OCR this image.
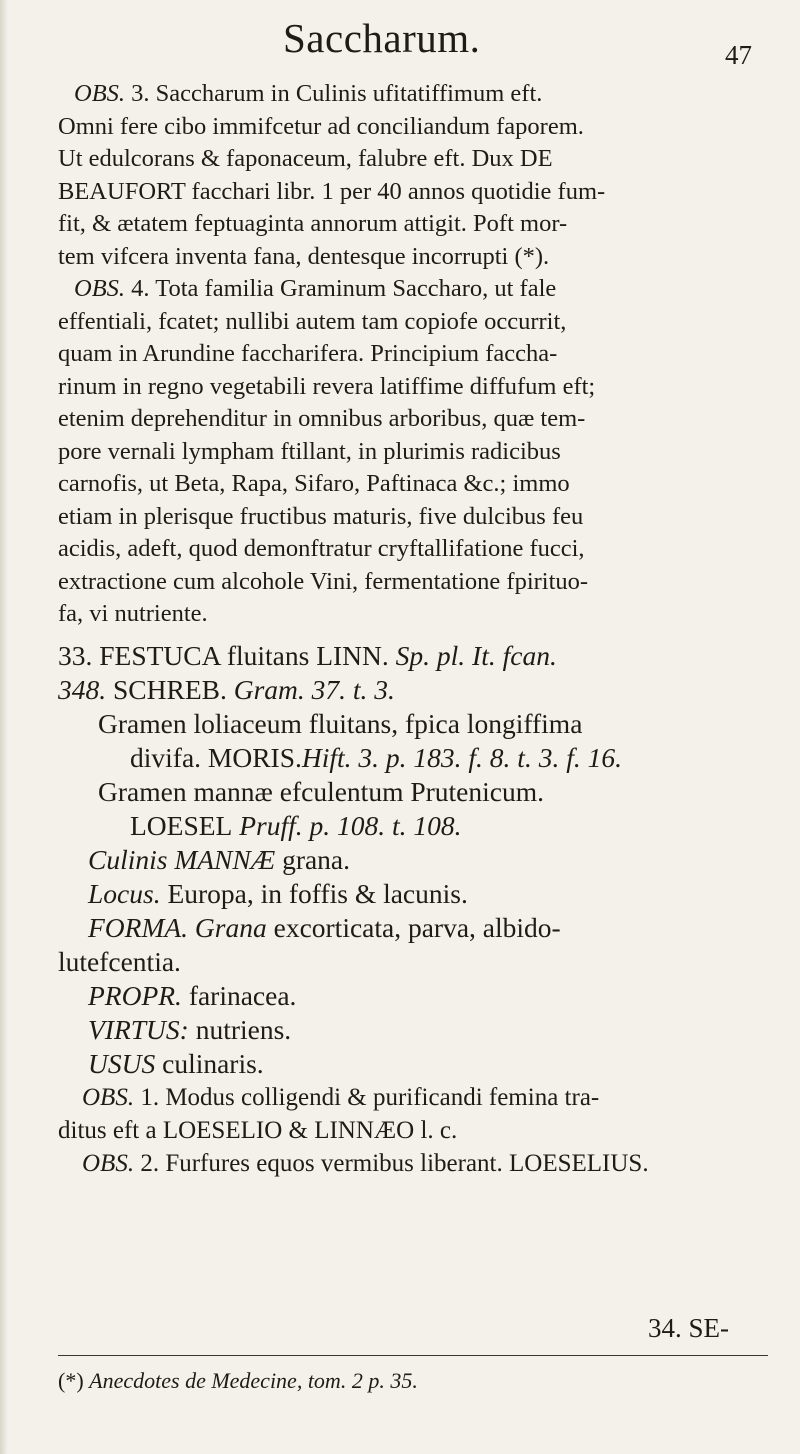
Saccharum.	47

OBS. 3. Saccharum in Culinis ufitatiffimum eft.

Omni fere cibo immifcetur ad conciliandum faporem.

Ut edulcorans & faponaceum, falubre eft. Dux DE

BEAUFORT facchari libr. 1 per 40 annos quotidie fum-

fit, & ætatem feptuaginta annorum attigit. Poft mor-

tem vifcera inventa fana, dentesque incorrupti (*).

OBS. 4. Tota familia Graminum Saccharo, ut fale

effentiali, fcatet; nullibi autem tam copiofe occurrit,

quam in Arundine faccharifera. Principium faccha-

rinum in regno vegetabili revera latiffime diffufum eft;

etenim deprehenditur in omnibus arboribus, quæ tem-

pore vernali lympham ftillant, in plurimis radicibus

carnofis, ut Beta, Rapa, Sifaro, Paftinaca &c.; immo

etiam in plerisque fructibus maturis, five dulcibus feu

acidis, adeft, quod demonftratur cryftallifatione fucci,

extractione cum alcohole Vini, fermentatione fpirituo-

fa, vi nutriente.

33. FESTUCA fluitans LINN. Sp. pl. It. fcan.
348. SCHREB. Gram. 37. t. 3.
Gramen loliaceum fluitans, fpica longiffima
divifa. MORIS.Hift. 3. p. 183. f. 8. t. 3. f. 16.
Gramen mannæ efculentum Prutenicum.
LOESEL Pruff. p. 108. t. 108.

Culinis MANNÆ grana.

Locus. Europa, in foffis & lacunis.

FORMA. Grana excorticata, parva, albido-

lutefcentia.

PROPR. farinacea.

VIRTUS: nutriens.

USUS culinaris.

OBS. 1. Modus colligendi & purificandi femina tra-

ditus eft a LOESELIO & LINNÆO l. c.

OBS. 2. Furfures equos vermibus liberant. LOESELIUS.

34. SE-
(*) Anecdotes de Medecine, tom. 2 p. 35.
